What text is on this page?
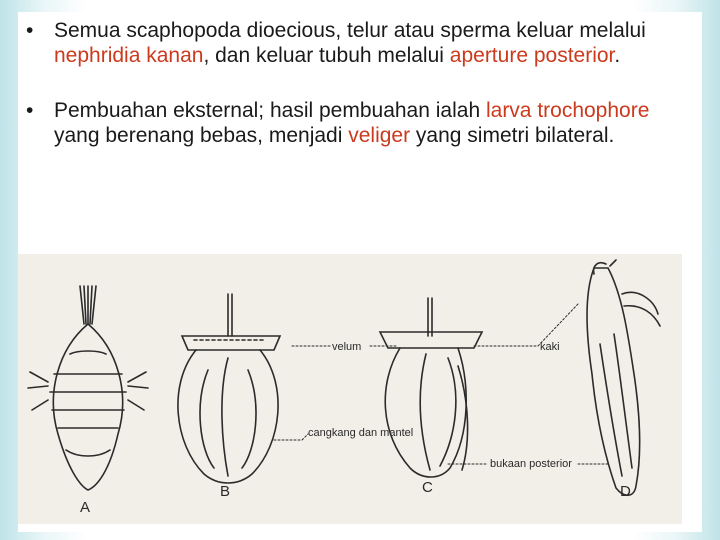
• Semua scaphopoda dioecious, telur atau sperma keluar melalui nephridia kanan, dan keluar tubuh melalui aperture posterior.
• Pembuahan eksternal; hasil pembuahan ialah larva trochophore yang berenang bebas, menjadi veliger yang simetri bilateral.
velum	kaki
cangkang dan mantel
bukaan posterior
A
B	C	D
